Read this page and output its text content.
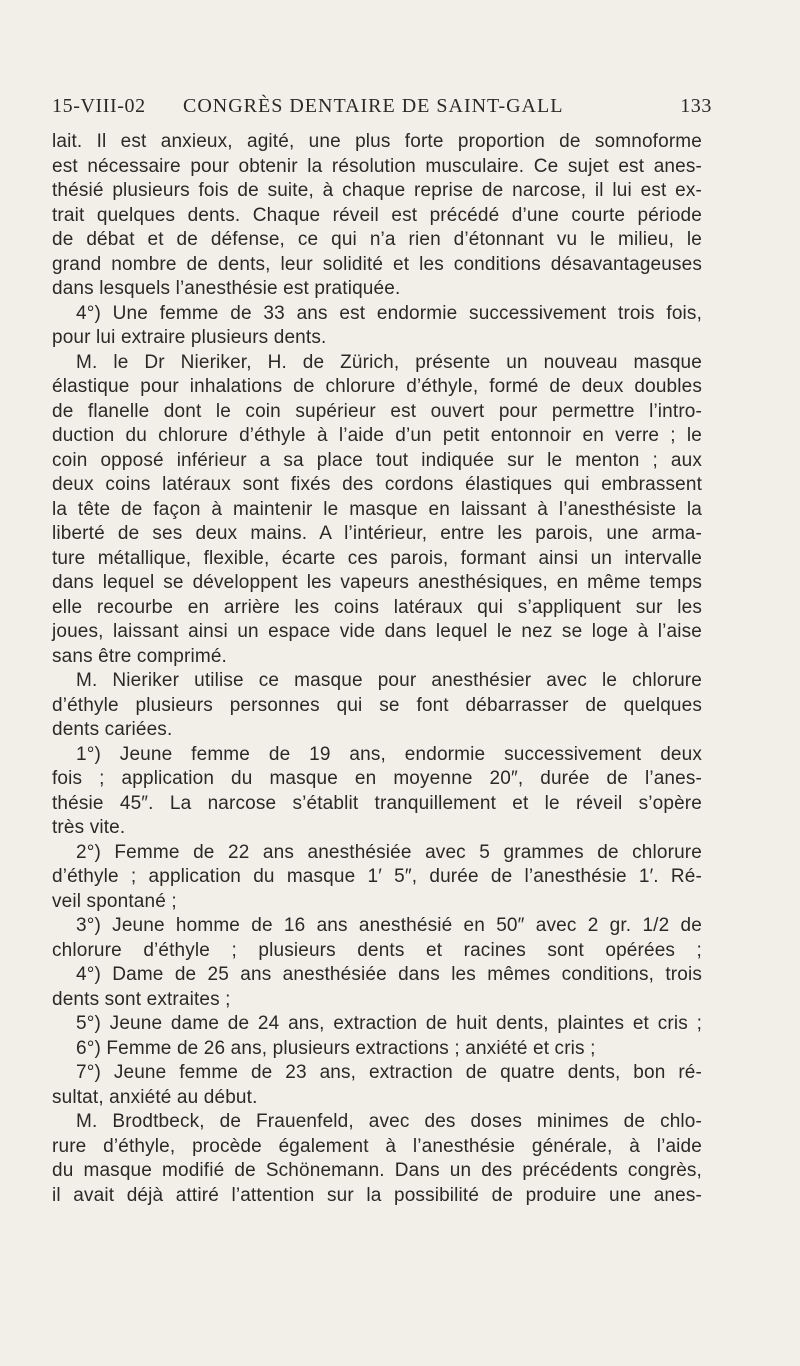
15-VIII-02 CONGRÈS DENTAIRE DE SAINT-GALL	133
lait. Il est anxieux, agité, une plus forte proportion de somnoforme
est nécessaire pour obtenir la résolution musculaire. Ce sujet est anes-
thésié plusieurs fois de suite, à chaque reprise de narcose, il lui est ex-
trait quelques dents. Chaque réveil est précédé d’une courte période
de débat et de défense, ce qui n’a rien d’étonnant vu le milieu, le
grand nombre de dents, leur solidité et les conditions désavantageuses
dans lesquels l’anesthésie est pratiquée.
4°) Une femme de 33 ans est endormie successivement trois fois,
pour lui extraire plusieurs dents.
M. le Dr Nieriker, H. de Zürich, présente un nouveau masque
élastique pour inhalations de chlorure d’éthyle, formé de deux doubles
de flanelle dont le coin supérieur est ouvert pour permettre l’intro-
duction du chlorure d’éthyle à l’aide d’un petit entonnoir en verre ; le
coin opposé inférieur a sa place tout indiquée sur le menton ; aux
deux coins latéraux sont fixés des cordons élastiques qui embrassent
la tête de façon à maintenir le masque en laissant à l’anesthésiste la
liberté de ses deux mains. A l’intérieur, entre les parois, une arma-
ture métallique, flexible, écarte ces parois, formant ainsi un intervalle
dans lequel se développent les vapeurs anesthésiques, en même temps
elle recourbe en arrière les coins latéraux qui s’appliquent sur les
joues, laissant ainsi un espace vide dans lequel le nez se loge à l’aise
sans être comprimé.
M. Nieriker utilise ce masque pour anesthésier avec le chlorure
d’éthyle plusieurs personnes qui se font débarrasser de quelques
dents cariées.
1°) Jeune femme de 19 ans, endormie successivement deux
fois ; application du masque en moyenne 20″, durée de l’anes-
thésie 45″. La narcose s’établit tranquillement et le réveil s’opère
très vite.
2°) Femme de 22 ans anesthésiée avec 5 grammes de chlorure
d’éthyle ; application du masque 1′ 5″, durée de l’anesthésie 1′. Ré-
veil spontané ;
3°) Jeune homme de 16 ans anesthésié en 50″ avec 2 gr. 1/2 de
chlorure d’éthyle ; plusieurs dents et racines sont opérées ;
4°) Dame de 25 ans anesthésiée dans les mêmes conditions, trois
dents sont extraites ;
5°) Jeune dame de 24 ans, extraction de huit dents, plaintes et cris ;
6°) Femme de 26 ans, plusieurs extractions ; anxiété et cris ;
7°) Jeune femme de 23 ans, extraction de quatre dents, bon ré-
sultat, anxiété au début.
M. Brodtbeck, de Frauenfeld, avec des doses minimes de chlo-
rure d’éthyle, procède également à l’anesthésie générale, à l’aide
du masque modifié de Schönemann. Dans un des précédents congrès,
il avait déjà attiré l’attention sur la possibilité de produire une anes-
